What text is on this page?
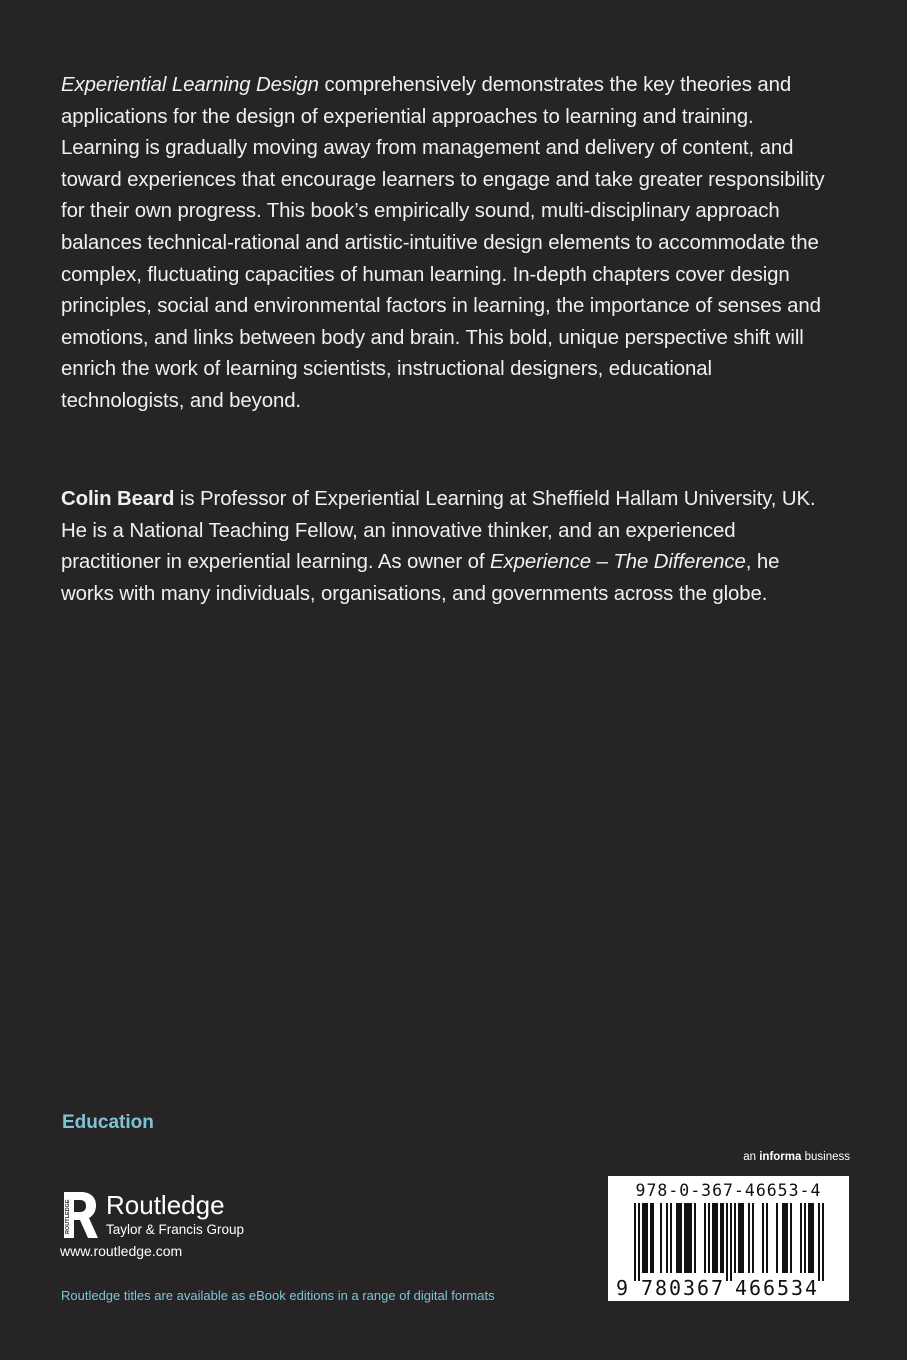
Experiential Learning Design comprehensively demonstrates the key theories and applications for the design of experiential approaches to learning and training. Learning is gradually moving away from management and delivery of content, and toward experiences that encourage learners to engage and take greater responsibility for their own progress. This book’s empirically sound, multi-disciplinary approach balances technical-rational and artistic-intuitive design elements to accommodate the complex, fluctuating capacities of human learning. In-depth chapters cover design principles, social and environmental factors in learning, the importance of senses and emotions, and links between body and brain. This bold, unique perspective shift will enrich the work of learning scientists, instructional designers, educational technologists, and beyond.

Colin Beard is Professor of Experiential Learning at Sheffield Hallam University, UK. He is a National Teaching Fellow, an innovative thinker, and an experienced practitioner in experiential learning. As owner of Experience – The Difference, he works with many individuals, organisations, and governments across the globe.

Education
an informa business
ROUTLEDGE Routledge
Taylor & Francis Group
www.routledge.com
Routledge titles are available as eBook editions in a range of digital formats
978-0-367-46653-4
9 7 8 0 3 6 7 4 6 6 5 3 4
